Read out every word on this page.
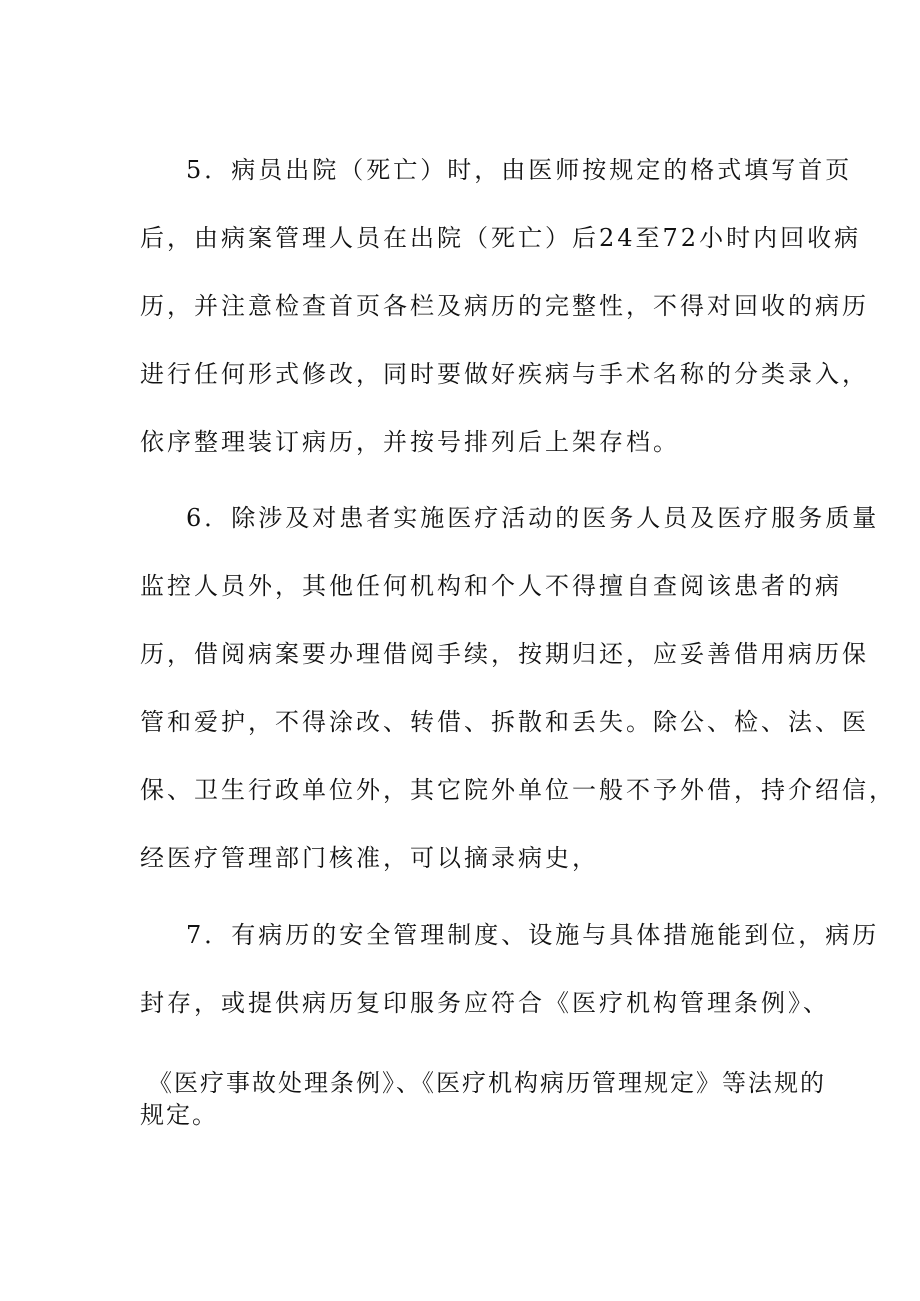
5．病员出院（死亡）时，由医师按规定的格式填写首页
后，由病案管理人员在出院（死亡）后24至72小时内回收病
历，并注意检查首页各栏及病历的完整性，不得对回收的病历
进行任何形式修改，同时要做好疾病与手术名称的分类录入，
依序整理装订病历，并按号排列后上架存档。
6．除涉及对患者实施医疗活动的医务人员及医疗服务质量
监控人员外，其他任何机构和个人不得擅自查阅该患者的病
历，借阅病案要办理借阅手续，按期归还，应妥善借用病历保
管和爱护，不得涂改、转借、拆散和丢失。除公、检、法、医
保、卫生行政单位外，其它院外单位一般不予外借，持介绍信，
经医疗管理部门核准，可以摘录病史，
7．有病历的安全管理制度、设施与具体措施能到位，病历
封存，或提供病历复印服务应符合《医疗机构管理条例》、
《医疗事故处理条例》、《医疗机构病历管理规定》等法规的
规定。
